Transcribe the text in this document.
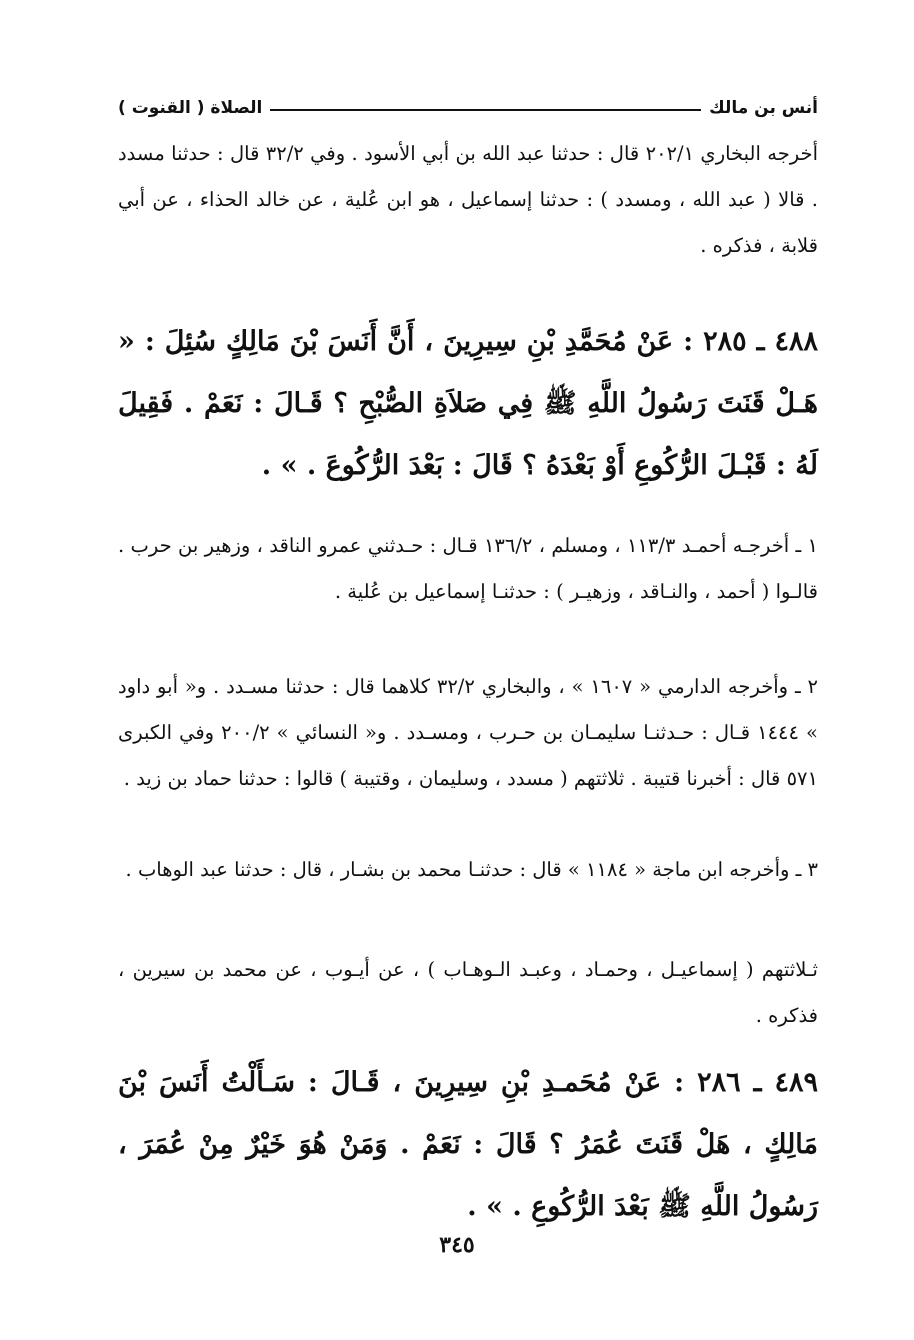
أنس بن مالك
الصلاة ( القنوت )

أخرجه البخاري ٢٠٢/١ قال : حدثنا عبد الله بن أبي الأسود . وفي ٣٢/٢ قال : حدثنا مسدد . قالا ( عبد الله ، ومسدد ) : حدثنا إسماعيل ، هو ابن عُلية ، عن خالد الحذاء ، عن أبي قلابة ، فذكره .

٤٨٨ ـ ٢٨٥ : عَنْ مُحَمَّدِ بْنِ سِيرِينَ ، أَنَّ أَنَسَ بْنَ مَالِكٍ سُئِلَ : « هَـلْ قَنَتَ رَسُولُ اللَّهِ ﷺ فِي صَلاَةِ الصُّبْحِ ؟ قَـالَ : نَعَمْ . فَقِيلَ لَهُ : قَبْـلَ الرُّكُوعِ أَوْ بَعْدَهُ ؟ قَالَ : بَعْدَ الرُّكُوعَ . » .

١ ـ أخرجـه أحمـد ١١٣/٣ ، ومسلم ، ١٣٦/٢ قـال : حـدثني عمرو الناقد ، وزهير بن حرب . قالـوا ( أحمد ، والنـاقد ، وزهيـر ) : حدثنـا إسماعيل بن عُلية .

٢ ـ وأخرجه الدارمي « ١٦٠٧ » ، والبخاري ٣٢/٢ كلاهما قال : حدثنا مسـدد . و« أبو داود » ١٤٤٤ قـال : حـدثنـا سليمـان بن حـرب ، ومسـدد . و« النسائي » ٢٠٠/٢ وفي الكبرى ٥٧١ قال : أخبرنا قتيبة . ثلاثتهم ( مسدد ، وسليمان ، وقتيبة ) قالوا : حدثنا حماد بن زيد .

٣ ـ وأخرجه ابن ماجة « ١١٨٤ » قال : حدثنـا محمد بن بشـار ، قال : حدثنا عبد الوهاب .

ثـلاثتهم ( إسماعيـل ، وحمـاد ، وعبـد الـوهـاب ) ، عن أيـوب ، عن محمد بن سيرين ، فذكره .

٤٨٩ ـ ٢٨٦ : عَنْ مُحَمـدِ بْنِ سِيرِينَ ، قَـالَ : سَـأَلْتُ أَنَسَ بْنَ مَالِكٍ ، هَلْ قَنَتَ عُمَرُ ؟ قَالَ : نَعَمْ . وَمَنْ هُوَ خَيْرٌ مِنْ عُمَرَ ، رَسُولُ اللَّهِ ﷺ بَعْدَ الرُّكُوعِ . » .

٣٤٥
